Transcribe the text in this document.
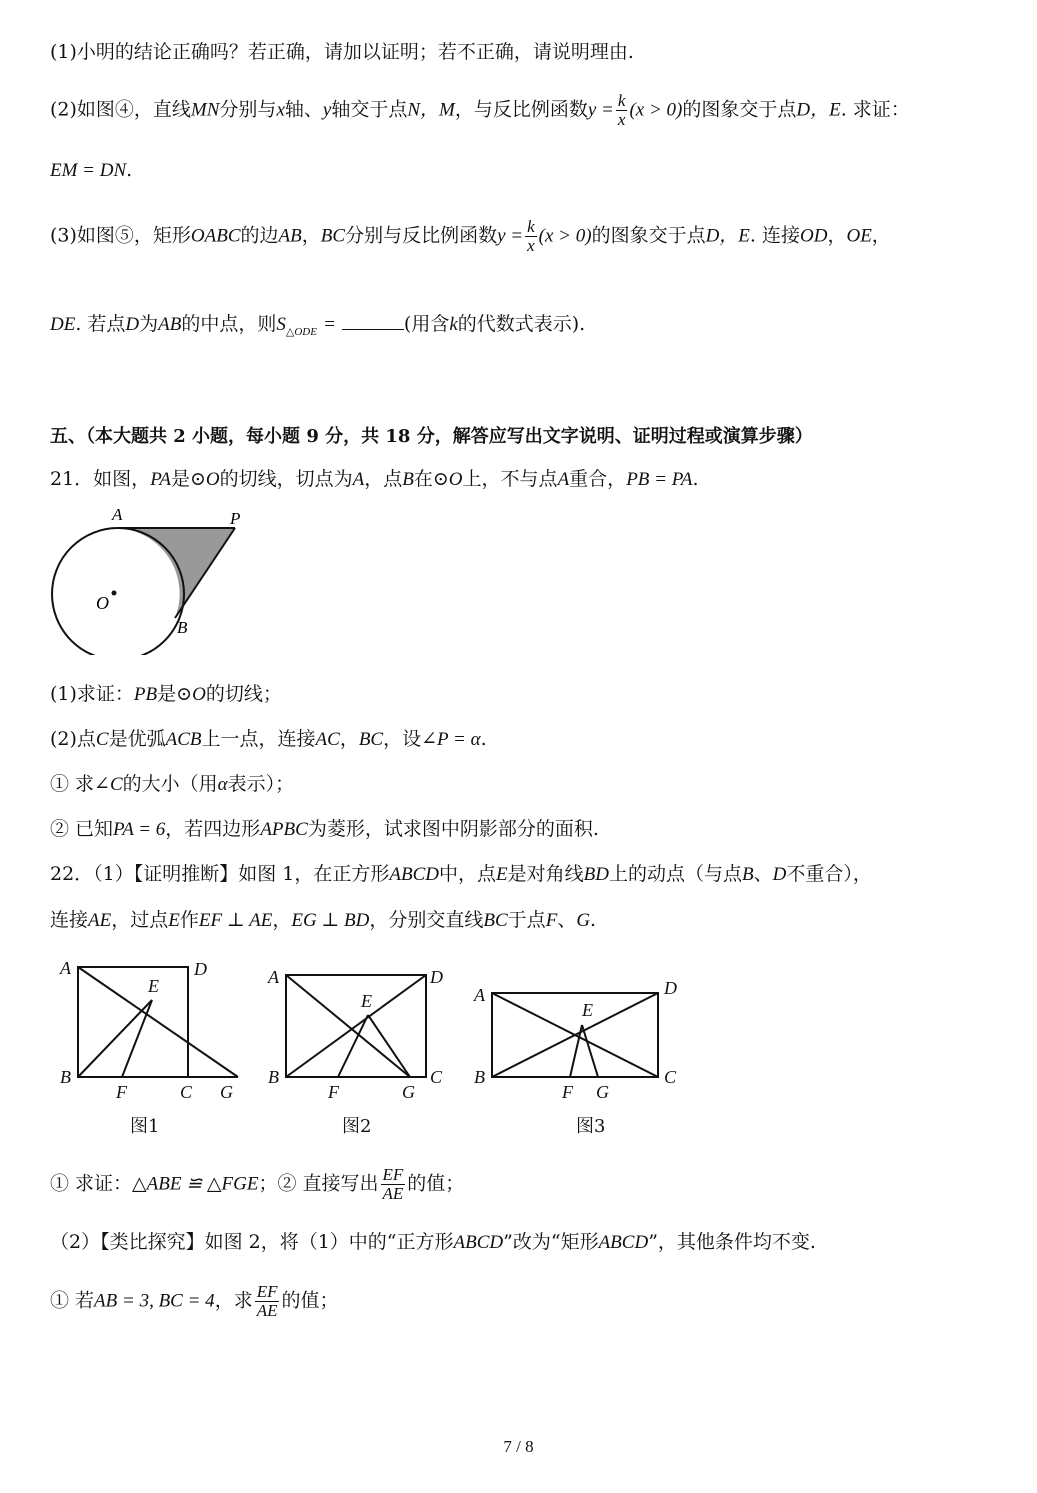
(1)小明的结论正确吗？若正确，请加以证明；若不正确，请说明理由.
(2)如图④，直线MN分别与x轴、y轴交于点N，M，与反比例函数$y = \frac{k}{x} (x > 0)$的图象交于点D，E. 求证：
EM = DN.
(3)如图⑤，矩形OABC的边AB，BC分别与反比例函数$y = \frac{k}{x} (x > 0)$的图象交于点D，E. 连接OD，OE，
DE. 若点D为AB的中点，则$S_{\triangle ODE}$ =	(用含k的代数式表示).
五、（本大题共 2 小题，每小题 9 分，共 18 分，解答应写出文字说明、证明过程或演算步骤）
21．如图，PA是⊙O的切线，切点为A，点B在⊙O上，不与点A重合，PB = PA.
A	P
O
B
(1)求证：PB是⊙O的切线；
(2)点C是优弧ACB上一点，连接AC，BC，设∠P = α.
① 求∠C的大小（用α表示）；
② 已知PA = 6，若四边形APBC为菱形，试求图中阴影部分的面积.
22．（1）【证明推断】如图 1，在正方形ABCD中，点E是对角线BD上的动点（与点B、D不重合），
连接AE，过点E作EF ⊥ AE，EG ⊥ BD，分别交直线BC于点F、G.
A	D
E
B
F	C G
图1
A	D
E
B
F	G
C
图2
A	D
E
B
F G
C
图3
① 求证：△ABE ≌ △FGE；② 直接写出 $\frac{EF}{AE}$ 的值；
（2）【类比探究】如图 2，将（1）中的“正方形ABCD”改为“矩形ABCD”，其他条件均不变.
① 若AB = 3, BC = 4，求 $\frac{EF}{AE}$ 的值；
7 / 8
